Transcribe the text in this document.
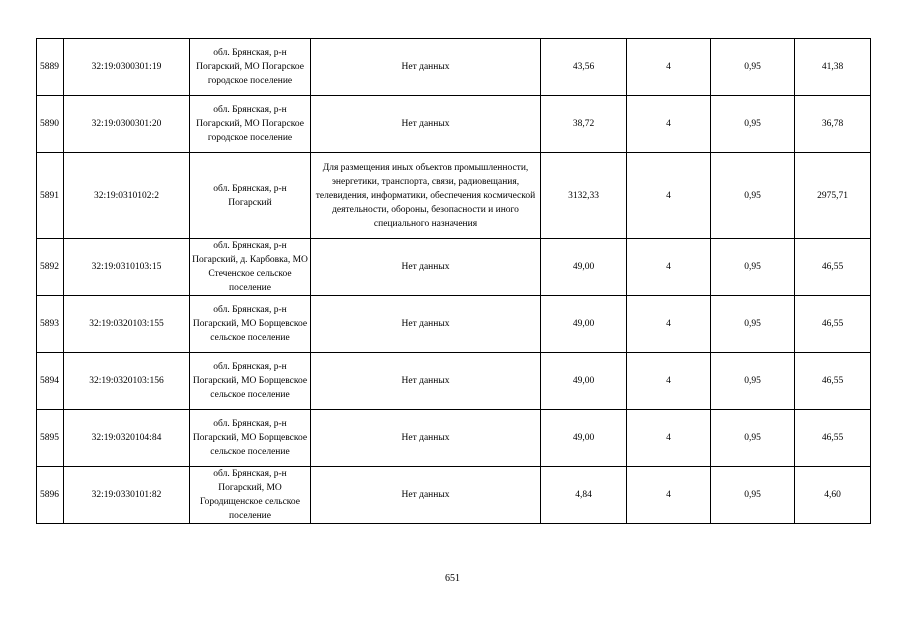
5889	32:19:0300301:19	обл. Брянская, р-н Погарский, МО Погарское городское поселение	Нет данных	43,56	4	0,95	41,38
5890	32:19:0300301:20	обл. Брянская, р-н Погарский, МО Погарское городское поселение	Нет данных	38,72	4	0,95	36,78
5891	32:19:0310102:2	обл. Брянская, р-н Погарский	Для размещения иных объектов промышленности, энергетики, транспорта, связи, радиовещания, телевидения, информатики, обеспечения космической деятельности, обороны, безопасности и иного специального назначения	3132,33	4	0,95	2975,71
5892	32:19:0310103:15	обл. Брянская, р-н Погарский, д. Карбовка, МО Стеченское сельское поселение	Нет данных	49,00	4	0,95	46,55
5893	32:19:0320103:155	обл. Брянская, р-н Погарский, МО Борщевское сельское поселение	Нет данных	49,00	4	0,95	46,55
5894	32:19:0320103:156	обл. Брянская, р-н Погарский, МО Борщевское сельское поселение	Нет данных	49,00	4	0,95	46,55
5895	32:19:0320104:84	обл. Брянская, р-н Погарский, МО Борщевское сельское поселение	Нет данных	49,00	4	0,95	46,55
5896	32:19:0330101:82	обл. Брянская, р-н Погарский, МО Городищенское сельское поселение	Нет данных	4,84	4	0,95	4,60
651
